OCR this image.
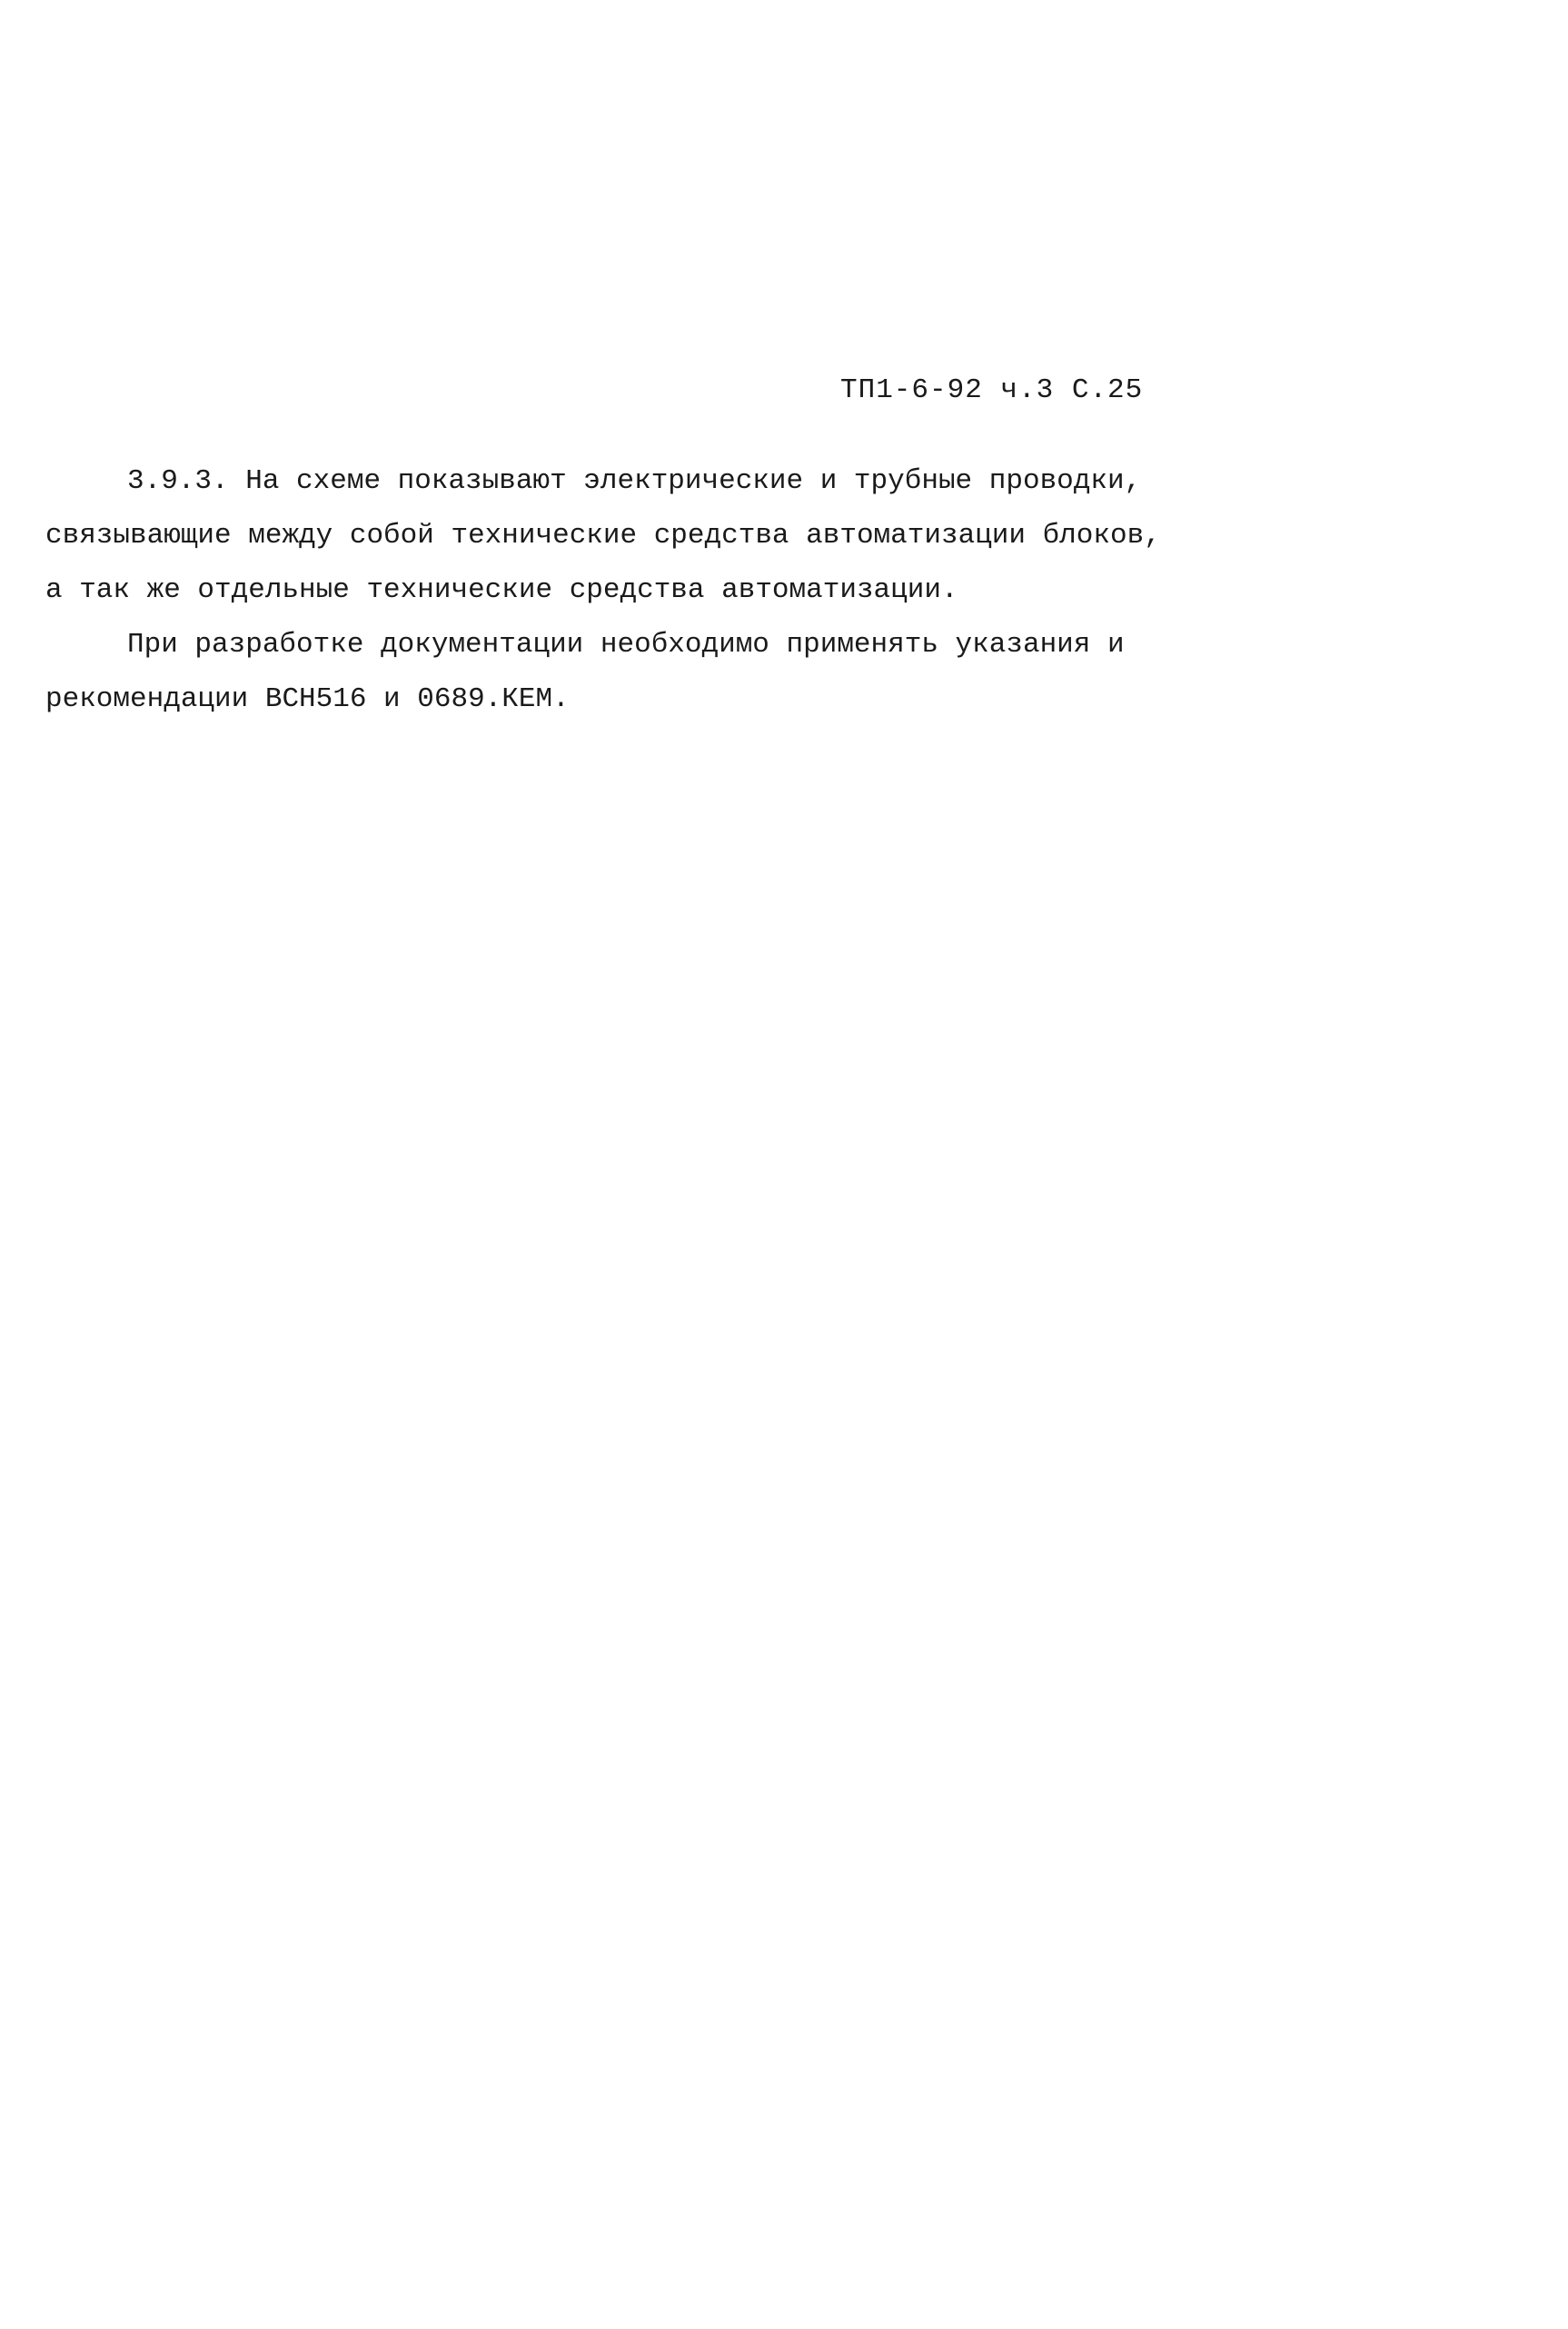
ТП1-6-92 ч.3 С.25

3.9.3. На схеме показывают электрические и трубные проводки,
связывающие между собой технические средства автоматизации блоков,
а так же отдельные технические средства автоматизации.

При разработке документации необходимо применять указания и
рекомендации ВСН516 и 0689.КЕМ.
